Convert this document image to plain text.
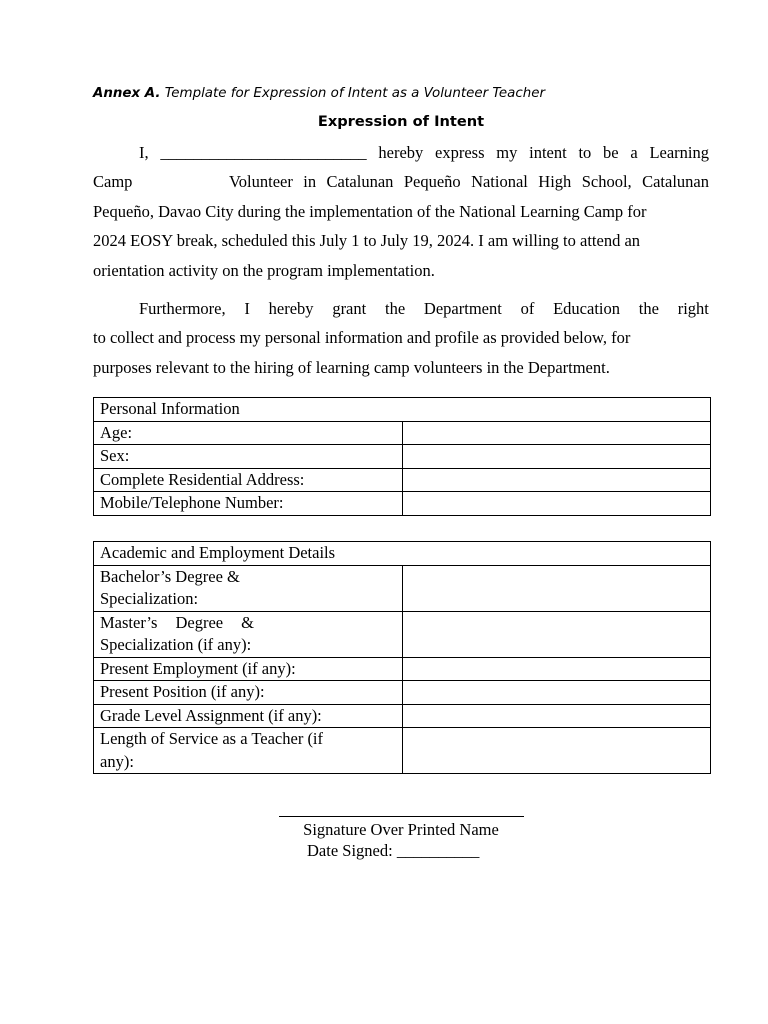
Annex A. Template for Expression of Intent as a Volunteer Teacher
Expression of Intent
I, _________________________ hereby express my intent to be a Learning
Camp	Volunteer in Catalunan Pequeño National High School, Catalunan
Pequeño, Davao City during the implementation of the National Learning Camp for
2024 EOSY break, scheduled this July 1 to July 19, 2024. I am willing to attend an
orientation activity on the program implementation.
Furthermore, I hereby grant the Department of Education the right
to collect and process my personal information and profile as provided below, for
purposes relevant to the hiring of learning camp volunteers in the Department.
Personal Information	
Age:	
Sex:	
Complete Residential Address:	
Mobile/Telephone Number:	
Academic and Employment Details	

Bachelor’s Degree &
Specialization:	

Master’s Degree &
Specialization (if any):	

Present Employment (if any):	
Present Position (if any):	
Grade Level Assignment (if any):	

Length of Service as a Teacher (if
any):	

Signature Over Printed Name
Date Signed: __________
